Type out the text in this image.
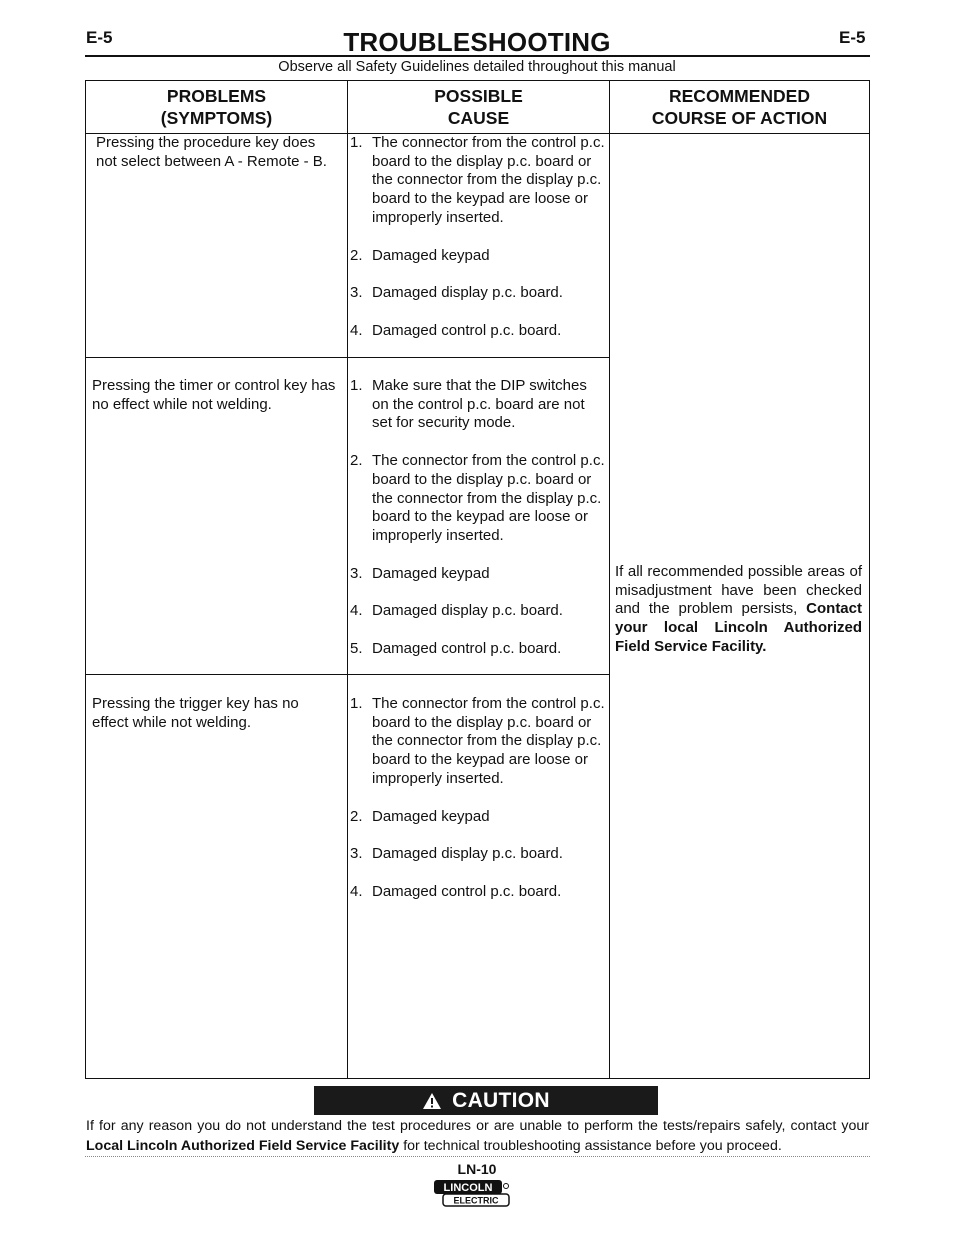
E-5	E-5
TROUBLESHOOTING
Observe all Safety Guidelines detailed throughout this manual
PROBLEMS
(SYMPTOMS)
POSSIBLE
CAUSE
RECOMMENDED
COURSE OF ACTION
Pressing the procedure key does
not select between A - Remote - B.
1. The connector from the control p.c. board to the display p.c. board or the connector from the display p.c. board to the keypad are loose or improperly inserted.
2. Damaged keypad
3. Damaged display p.c. board.
4. Damaged control p.c. board.
Pressing the timer or control key has
no effect while not welding.
1. Make sure that the DIP switches on the control p.c. board are not set for security mode.
2. The connector from the control p.c. board to the display p.c. board or the connector from the display p.c. board to the keypad are loose or improperly inserted.
3. Damaged keypad
4. Damaged display p.c. board.
5. Damaged control p.c. board.
Pressing the trigger key has no
effect while not welding.
1. The connector from the control p.c. board to the display p.c. board or the connector from the display p.c. board to the keypad are loose or improperly inserted.
2. Damaged keypad
3. Damaged display p.c. board.
4. Damaged control p.c. board.
If all recommended possible areas of misadjustment have been checked and the problem persists, Contact your local Lincoln Authorized Field Service Facility.
CAUTION
If for any reason you do not understand the test procedures or are unable to perform the tests/repairs safely, contact your Local Lincoln Authorized Field Service Facility for technical troubleshooting assistance before you proceed.
LN-10
LINCOLN
ELECTRIC
